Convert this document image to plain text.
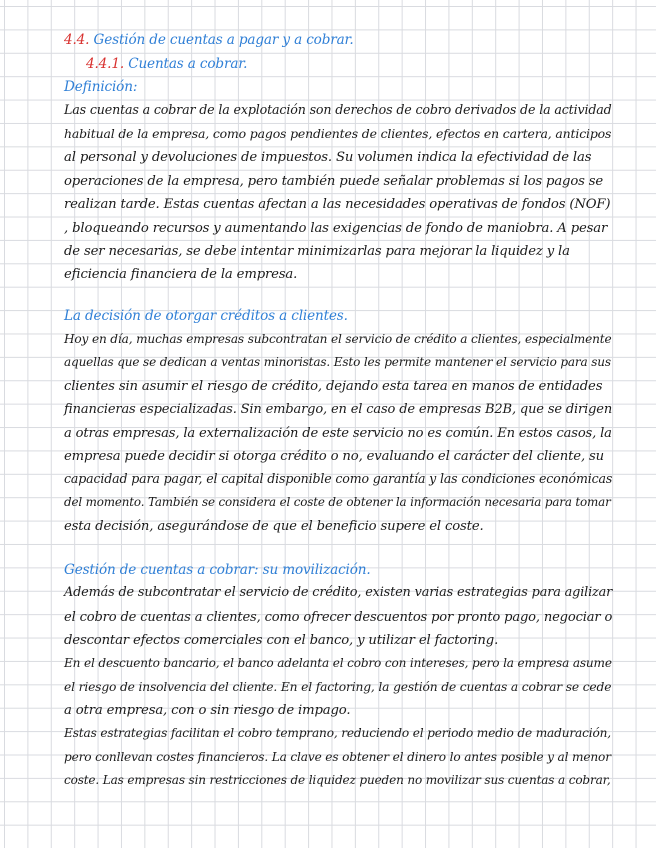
4.4. Gestión de cuentas a pagar y a cobrar.
4.4.1. Cuentas a cobrar.
Definición:
Las cuentas a cobrar de la explotación son derechos de cobro derivados de la actividad
habitual de la empresa, como pagos pendientes de clientes, efectos en cartera, anticipos
al personal y devoluciones de impuestos. Su volumen indica la efectividad de las
operaciones de la empresa, pero también puede señalar problemas si los pagos se
realizan tarde. Estas cuentas afectan a las necesidades operativas de fondos (NOF)
, bloqueando recursos y aumentando las exigencias de fondo de maniobra. A pesar
de ser necesarias, se debe intentar minimizarlas para mejorar la liquidez y la
eficiencia financiera de la empresa.
La decisión de otorgar créditos a clientes.
Hoy en día, muchas empresas subcontratan el servicio de crédito a clientes, especialmente
aquellas que se dedican a ventas minoristas. Esto les permite mantener el servicio para sus
clientes sin asumir el riesgo de crédito, dejando esta tarea en manos de entidades
financieras especializadas. Sin embargo, en el caso de empresas B2B, que se dirigen
a otras empresas, la externalización de este servicio no es común. En estos casos, la
empresa puede decidir si otorga crédito o no, evaluando el carácter del cliente, su
capacidad para pagar, el capital disponible como garantía y las condiciones económicas
del momento. También se considera el coste de obtener la información necesaria para tomar
esta decisión, asegurándose de que el beneficio supere el coste.
Gestión de cuentas a cobrar: su movilización.
Además de subcontratar el servicio de crédito, existen varias estrategias para agilizar
el cobro de cuentas a clientes, como ofrecer descuentos por pronto pago, negociar o
descontar efectos comerciales con el banco, y utilizar el factoring.
En el descuento bancario, el banco adelanta el cobro con intereses, pero la empresa asume
el riesgo de insolvencia del cliente. En el factoring, la gestión de cuentas a cobrar se cede
a otra empresa, con o sin riesgo de impago.
Estas estrategias facilitan el cobro temprano, reduciendo el periodo medio de maduración,
pero conllevan costes financieros. La clave es obtener el dinero lo antes posible y al menor
coste. Las empresas sin restricciones de liquidez pueden no movilizar sus cuentas a cobrar,
